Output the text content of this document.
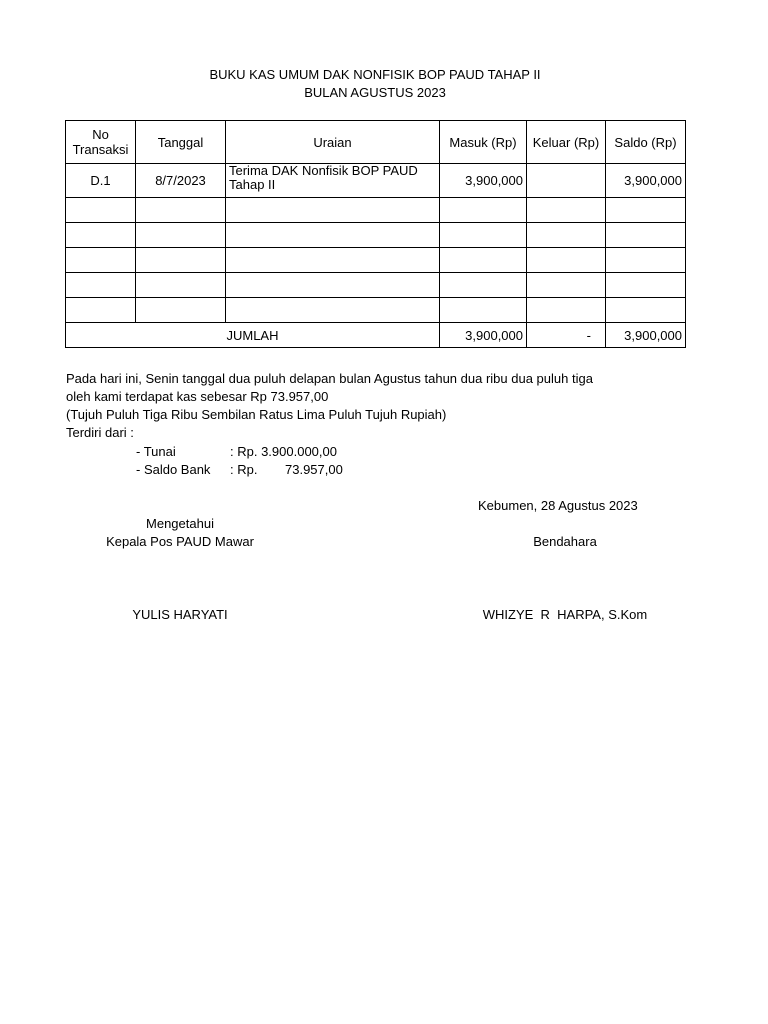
BUKU KAS UMUM DAK NONFISIK BOP PAUD TAHAP II
BULAN AGUSTUS 2023
No Transaksi	Tanggal	Uraian	Masuk (Rp)	Keluar (Rp)	Saldo (Rp)
D.1	8/7/2023	Terima DAK Nonfisik BOP PAUD Tahap II	3,900,000		3,900,000

JUMLAH			3,900,000	-	3,900,000
Pada hari ini, Senin tanggal dua puluh delapan bulan Agustus tahun dua ribu dua puluh tiga
oleh kami terdapat kas sebesar Rp 73.957,00
(Tujuh Puluh Tiga Ribu Sembilan Ratus Lima Puluh Tujuh Rupiah)
Terdiri dari :
- Tunai	: Rp. 3.900.000,00
- Saldo Bank : Rp. 73.957,00
Kebumen, 28 Agustus 2023
Mengetahui
Kepala Pos PAUD Mawar	Bendahara
YULIS HARYATI	WHIZYE  R  HARPA, S.Kom
